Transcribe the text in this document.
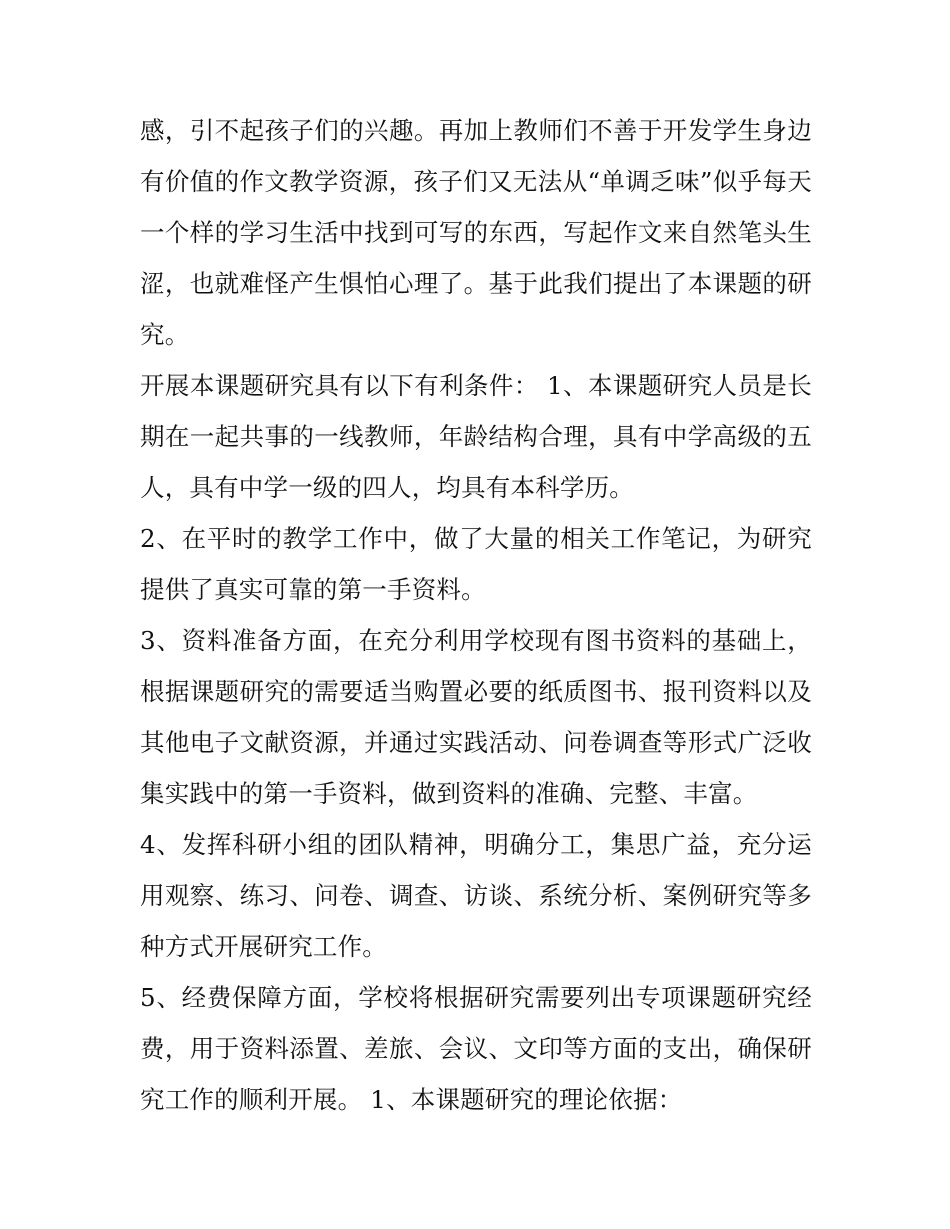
感，引不起孩子们的兴趣。再加上教师们不善于开发学生身边有价值的作文教学资源，孩子们又无法从“单调乏味”似乎每天一个样的学习生活中找到可写的东西，写起作文来自然笔头生涩，也就难怪产生惧怕心理了。基于此我们提出了本课题的研究。

开展本课题研究具有以下有利条件： 1、本课题研究人员是长期在一起共事的一线教师，年龄结构合理，具有中学高级的五人，具有中学一级的四人，均具有本科学历。

2、在平时的教学工作中，做了大量的相关工作笔记，为研究提供了真实可靠的第一手资料。

3、资料准备方面，在充分利用学校现有图书资料的基础上，根据课题研究的需要适当购置必要的纸质图书、报刊资料以及其他电子文献资源，并通过实践活动、问卷调查等形式广泛收集实践中的第一手资料，做到资料的准确、完整、丰富。

4、发挥科研小组的团队精神，明确分工，集思广益，充分运用观察、练习、问卷、调查、访谈、系统分析、案例研究等多种方式开展研究工作。

5、经费保障方面，学校将根据研究需要列出专项课题研究经费，用于资料添置、差旅、会议、文印等方面的支出，确保研究工作的顺利开展。 1、本课题研究的理论依据：
